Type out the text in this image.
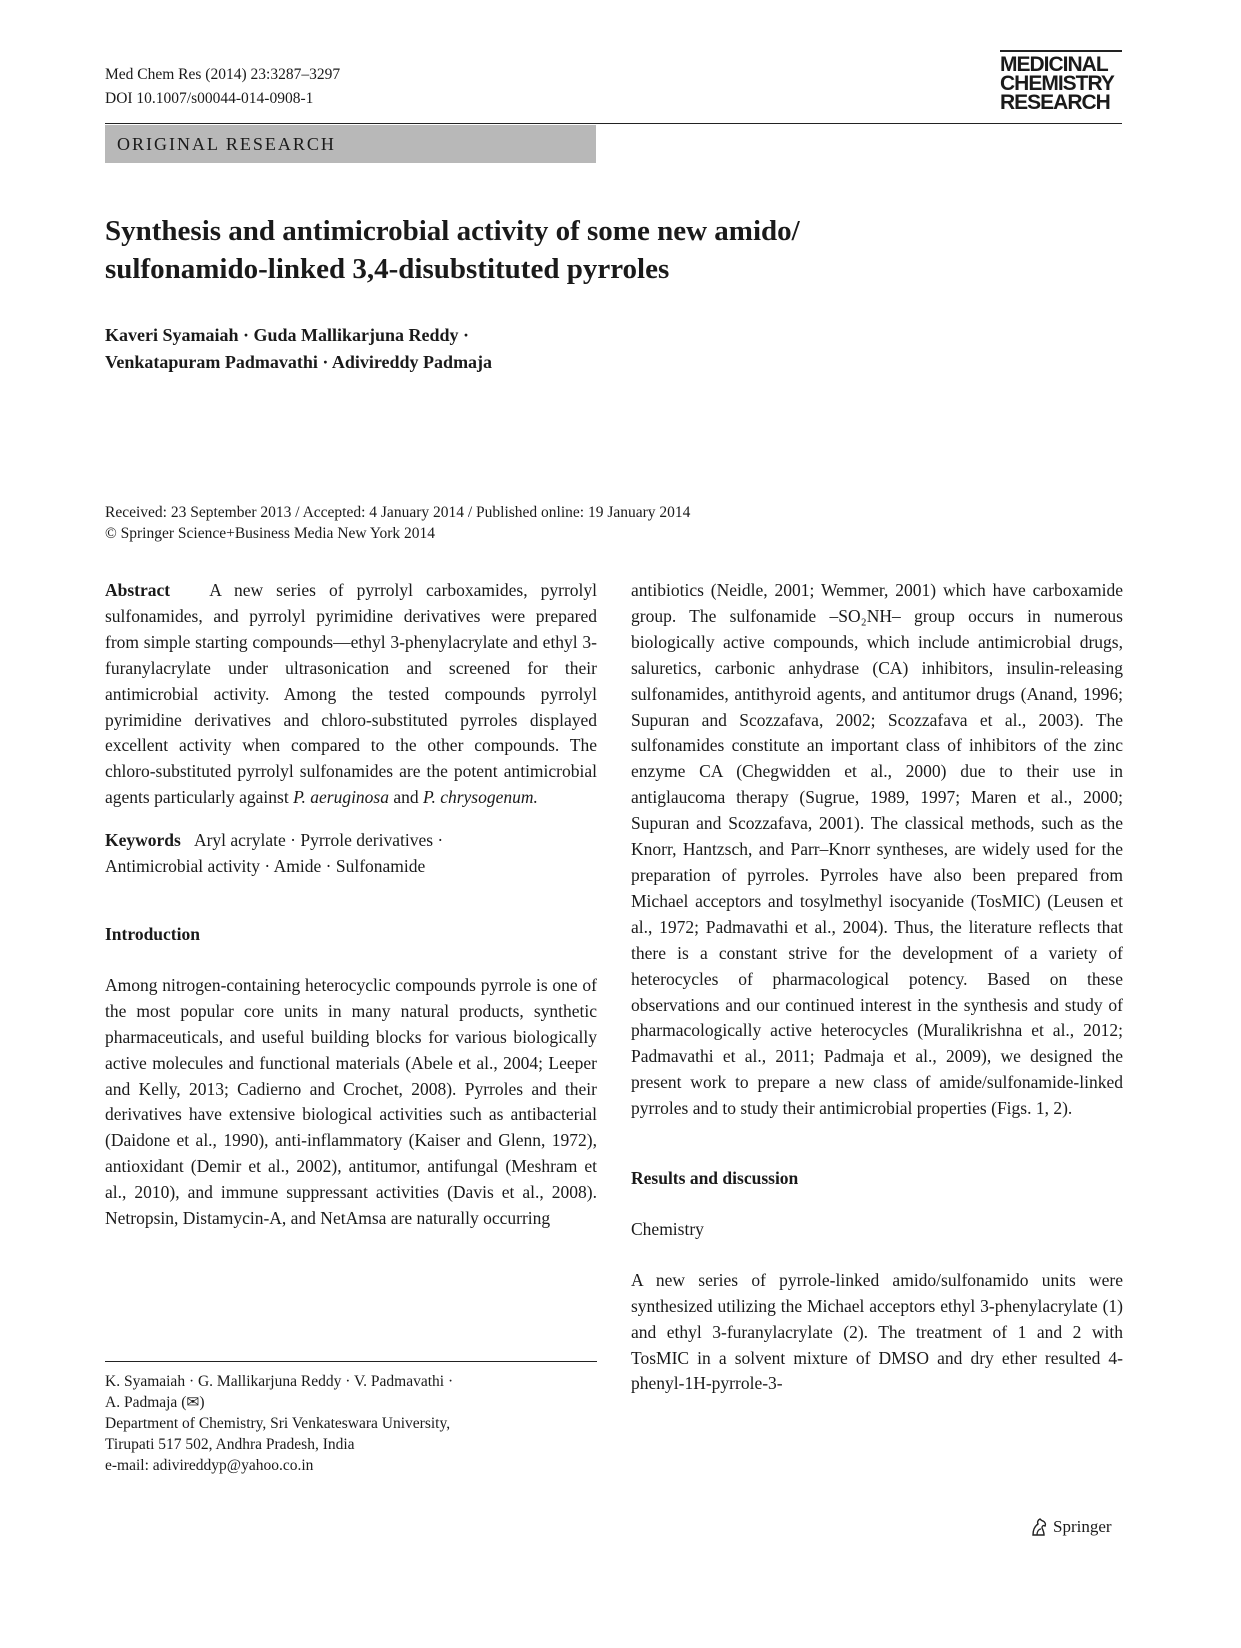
Med Chem Res (2014) 23:3287–3297
DOI 10.1007/s00044-014-0908-1
MEDICINAL
CHEMISTRY
RESEARCH
ORIGINAL RESEARCH
Synthesis and antimicrobial activity of some new amido/
sulfonamido-linked 3,4-disubstituted pyrroles
Kaveri Syamaiah · Guda Mallikarjuna Reddy ·
Venkatapuram Padmavathi · Adivireddy Padmaja
Received: 23 September 2013 / Accepted: 4 January 2014 / Published online: 19 January 2014
© Springer Science+Business Media New York 2014

Abstract A new series of pyrrolyl carboxamides, pyrrolyl sulfonamides, and pyrrolyl pyrimidine derivatives were prepared from simple starting compounds—ethyl 3-phenylacrylate and ethyl 3-furanylacrylate under ultrasonication and screened for their antimicrobial activity. Among the tested compounds pyrrolyl pyrimidine derivatives and chloro-substituted pyrroles displayed excellent activity when compared to the other compounds. The chloro-substituted pyrrolyl sulfonamides are the potent antimicrobial agents particularly against P. aeruginosa and P. chrysogenum.

Keywords Aryl acrylate · Pyrrole derivatives ·
Antimicrobial activity · Amide · Sulfonamide

Introduction

Among nitrogen-containing heterocyclic compounds pyrrole is one of the most popular core units in many natural products, synthetic pharmaceuticals, and useful building blocks for various biologically active molecules and functional materials (Abele et al., 2004; Leeper and Kelly, 2013; Cadierno and Crochet, 2008). Pyrroles and their derivatives have extensive biological activities such as antibacterial (Daidone et al., 1990), anti-inflammatory (Kaiser and Glenn, 1972), antioxidant (Demir et al., 2002), antitumor, antifungal (Meshram et al., 2010), and immune suppressant activities (Davis et al., 2008). Netropsin, Distamycin-A, and NetAmsa are naturally occurring

antibiotics (Neidle, 2001; Wemmer, 2001) which have carboxamide group. The sulfonamide –SO₂NH– group occurs in numerous biologically active compounds, which include antimicrobial drugs, saluretics, carbonic anhydrase (CA) inhibitors, insulin-releasing sulfonamides, antithyroid agents, and antitumor drugs (Anand, 1996; Supuran and Scozzafava, 2002; Scozzafava et al., 2003). The sulfonamides constitute an important class of inhibitors of the zinc enzyme CA (Chegwidden et al., 2000) due to their use in antiglaucoma therapy (Sugrue, 1989, 1997; Maren et al., 2000; Supuran and Scozzafava, 2001). The classical methods, such as the Knorr, Hantzsch, and Parr–Knorr syntheses, are widely used for the preparation of pyrroles. Pyrroles have also been prepared from Michael acceptors and tosylmethyl isocyanide (TosMIC) (Leusen et al., 1972; Padmavathi et al., 2004). Thus, the literature reflects that there is a constant strive for the development of a variety of heterocycles of pharmacological potency. Based on these observations and our continued interest in the synthesis and study of pharmacologically active heterocycles (Muralikrishna et al., 2012; Padmavathi et al., 2011; Padmaja et al., 2009), we designed the present work to prepare a new class of amide/sulfonamide-linked pyrroles and to study their antimicrobial properties (Figs. 1, 2).

Results and discussion

Chemistry

A new series of pyrrole-linked amido/sulfonamido units were synthesized utilizing the Michael acceptors ethyl 3-phenylacrylate (1) and ethyl 3-furanylacrylate (2). The treatment of 1 and 2 with TosMIC in a solvent mixture of DMSO and dry ether resulted 4-phenyl-1H-pyrrole-3-

K. Syamaiah · G. Mallikarjuna Reddy · V. Padmavathi ·
A. Padmaja (✉)
Department of Chemistry, Sri Venkateswara University,
Tirupati 517 502, Andhra Pradesh, India
e-mail: adivireddyp@yahoo.co.in
Springer
